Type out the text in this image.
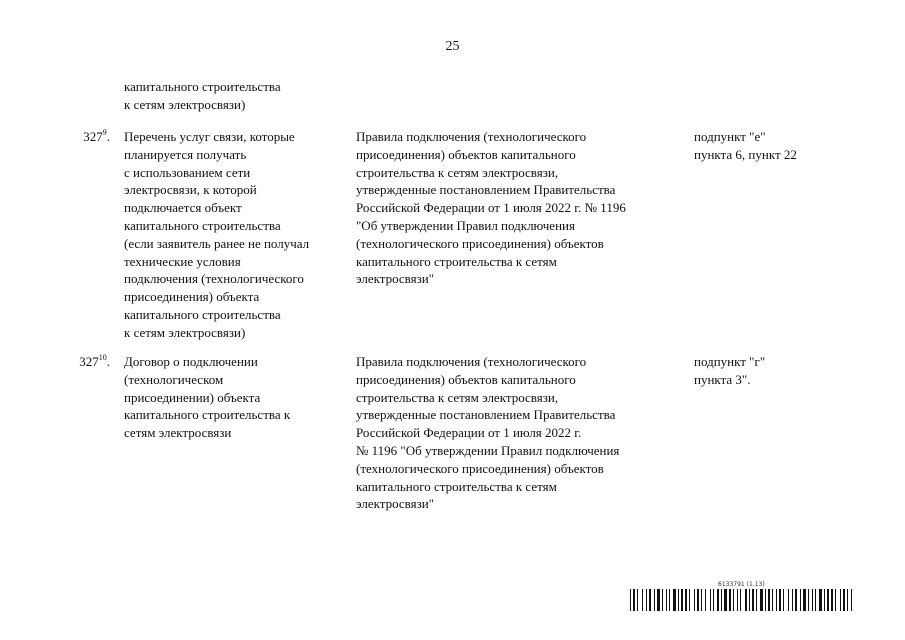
25
капитального строительства
к сетям электросвязи)
$327^9$. Перечень услуг связи, которые
планируется получать
с использованием сети
электросвязи, к которой
подключается объект
капитального строительства
(если заявитель ранее не получал
технические условия
подключения (технологического
присоединения) объекта
капитального строительства
к сетям электросвязи)
Правила подключения (технологического
присоединения) объектов капитального
строительства к сетям электросвязи,
утвержденные постановлением Правительства
Российской Федерации от 1 июля 2022 г. № 1196
"Об утверждении Правил подключения
(технологического присоединения) объектов
капитального строительства к сетям
электросвязи"
подпункт "е"
пункта 6, пункт 22
$327^{10}$. Договор о подключении
(технологическом
присоединении) объекта
капитального строительства к
сетям электросвязи
Правила подключения (технологического
присоединения) объектов капитального
строительства к сетям электросвязи,
утвержденные постановлением Правительства
Российской Федерации от 1 июля 2022 г.
№ 1196 "Об утверждении Правил подключения
(технологического присоединения) объектов
капитального строительства к сетям
электросвязи"
подпункт "г"
пункта 3".
6133791 (1.13)
